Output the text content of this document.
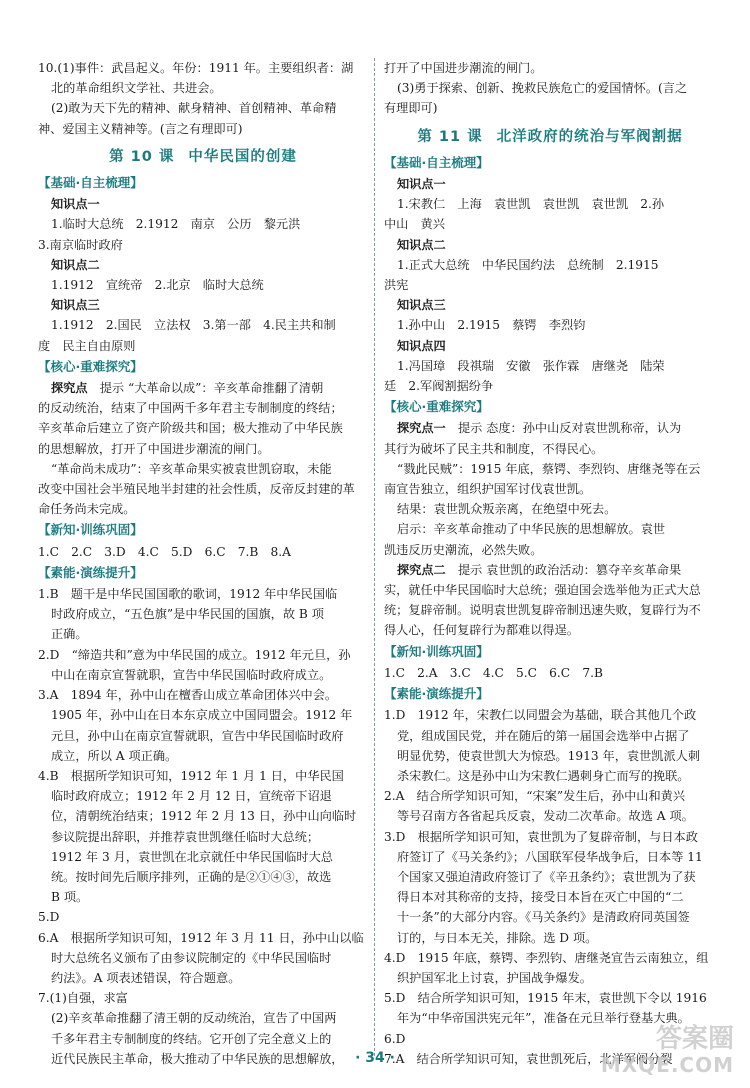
10.(1)事件：武昌起义。年份：1911 年。主要组织者：湖

北的革命组织文学社、共进会。

(2)敢为天下先的精神、献身精神、首创精神、革命精

神、爱国主义精神等。(言之有理即可)

第 10 课 中华民国的创建
【基础·自主梳理】
知识点一

1.临时大总统　2.1912　南京　公历　黎元洪

3.南京临时政府

知识点二

1.1912　宣统帝　2.北京　临时大总统

知识点三

1.1912　2.国民　立法权　3.第一部　4.民主共和制

度　民主自由原则

【核心·重难探究】

探究点　 提示 “大革命以成”：辛亥革命推翻了清朝

的反动统治，结束了中国两千多年君主专制制度的终结；

辛亥革命后建立了资产阶级共和国；极大推动了中华民族

的思想解放，打开了中国进步潮流的闸门。

“革命尚未成功”：辛亥革命果实被袁世凯窃取，未能

改变中国社会半殖民地半封建的社会性质，反帝反封建的革

命任务尚未完成。

【新知·训练巩固】

1.C　2.C　3.D　4.C　5.D　6.C　7.B　8.A

【素能·演练提升】

1.B　题干是中华民国国歌的歌词，1912 年中华民国临

时政府成立，“五色旗”是中华民国的国旗，故 B 项

正确。

2.D　“缔造共和”意为中华民国的成立。1912 年元旦，孙

中山在南京宣誓就职，宣告中华民国临时政府成立。

3.A　1894 年，孙中山在檀香山成立革命团体兴中会。

1905 年，孙中山在日本东京成立中国同盟会。1912 年

元旦，孙中山在南京宣誓就职，宣告中华民国临时政府

成立，所以 A 项正确。

4.B　根据所学知识可知，1912 年 1 月 1 日，中华民国

临时政府成立；1912 年 2 月 12 日，宣统帝下诏退

位，清朝统治结束；1912 年 2 月 13 日，孙中山向临时

参议院提出辞职，并推荐袁世凯继任临时大总统；

1912 年 3 月，袁世凯在北京就任中华民国临时大总

统。按时间先后顺序排列，正确的是②①④③，故选

B 项。

5.D

6.A　根据所学知识可知，1912 年 3 月 11 日，孙中山以临

时大总统名义颁布了由参议院制定的《中华民国临时

约法》。A 项表述错误，符合题意。

7.(1)自强，求富

(2)辛亥革命推翻了清王朝的反动统治，宣告了中国两

千多年君主专制制度的终结。它开创了完全意义上的

近代民族民主革命，极大推动了中华民族的思想解放，

打开了中国进步潮流的闸门。

(3)勇于探索、创新、挽救民族危亡的爱国情怀。(言之

有理即可)

第 11 课 北洋政府的统治与军阀割据
【基础·自主梳理】
知识点一

1.宋教仁　上海　袁世凯　袁世凯　袁世凯　2.孙

中山　黄兴

知识点二

1.正式大总统　中华民国约法　总统制　2.1915

洪宪

知识点三

1.孙中山　2.1915　蔡锷　李烈钧

知识点四

1.冯国璋　段祺瑞　安徽　张作霖　唐继尧　陆荣

廷　2.军阀割据纷争

【核心·重难探究】

探究点一　 提示 态度：孙中山反对袁世凯称帝，认为

其行为破坏了民主共和制度，不得民心。

“戮此民贼”：1915 年底，蔡锷、李烈钧、唐继尧等在云

南宣告独立，组织护国军讨伐袁世凯。

结果：袁世凯众叛亲离，在绝望中死去。

启示：辛亥革命推动了中华民族的思想解放。袁世

凯违反历史潮流，必然失败。

探究点二　 提示 袁世凯的政治活动：篡夺辛亥革命果

实，就任中华民国临时大总统；强迫国会选举他为正式大总

统；复辟帝制。说明袁世凯复辟帝制迅速失败，复辟行为不

得人心，任何复辟行为都难以得逞。

【新知·训练巩固】

1.C　2.A　3.C　4.C　5.C　6.C　7.B

【素能·演练提升】

1.D　1912 年，宋教仁以同盟会为基础，联合其他几个政

党，组成国民党，并在随后的第一届国会选举中占据了

明显优势，使袁世凯大为惊恐。1913 年，袁世凯派人刺

杀宋教仁。这是孙中山为宋教仁遇刺身亡而写的挽联。

2.A　结合所学知识可知，“宋案”发生后，孙中山和黄兴

等号召南方各省起兵反袁，发动二次革命。故选 A 项。

3.D　根据所学知识可知，袁世凯为了复辟帝制，与日本政

府签订了《马关条约》；八国联军侵华战争后，日本等 11

个国家又强迫清政府签订了《辛丑条约》；袁世凯为了获

得日本对其称帝的支持，接受日本旨在灭亡中国的“二

十一条”的大部分内容。《马关条约》是清政府同英国签

订的，与日本无关，排除。选 D 项。

4.D　1915 年底，蔡锷、李烈钧、唐继尧宣告云南独立，组

织护国军北上讨袁，护国战争爆发。

5.D　结合所学知识可知，1915 年末，袁世凯下令以 1916

年为“中华帝国洪宪元年”，准备在元旦举行登基大典。

6.D

7.A　结合所学知识可知，袁世凯死后，北洋军阀分裂

· 34 ·
答案圈
MXQE.COM
